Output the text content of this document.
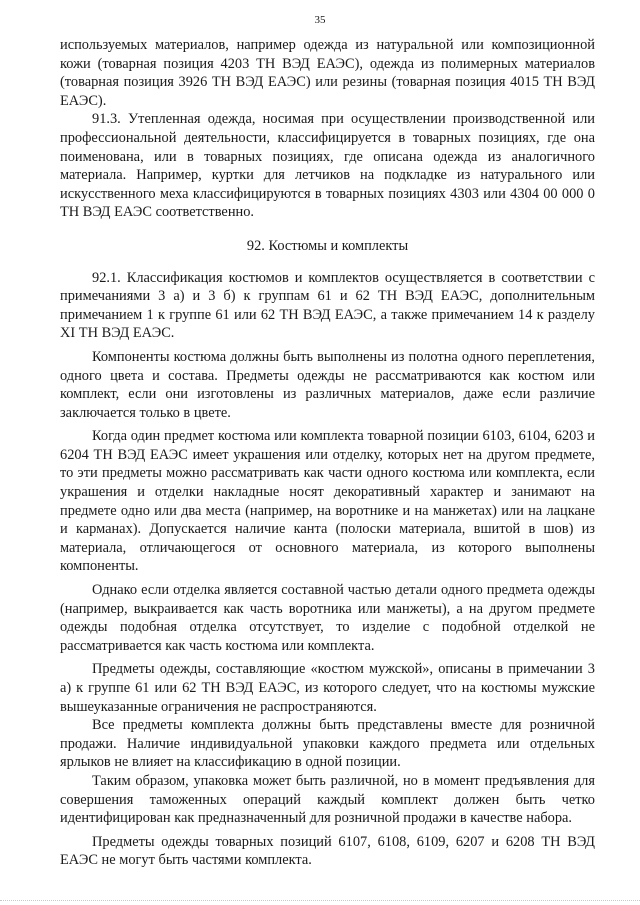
35

используемых материалов, например одежда из натуральной или композиционной кожи (товарная позиция 4203 ТН ВЭД ЕАЭС), одежда из полимерных материалов (товарная позиция 3926 ТН ВЭД ЕАЭС) или резины (товарная позиция 4015 ТН ВЭД ЕАЭС).

91.3. Утепленная одежда, носимая при осуществлении производственной или профессиональной деятельности, классифицируется в товарных позициях, где она поименована, или в товарных позициях, где описана одежда из аналогичного материала. Например, куртки для летчиков на подкладке из натурального или искусственного меха классифицируются в товарных позициях 4303 или 4304 00 000 0 ТН ВЭД ЕАЭС соответственно.

92. Костюмы и комплекты

92.1. Классификация костюмов и комплектов осуществляется в соответствии с примечаниями 3 а) и 3 б) к группам 61 и 62 ТН ВЭД ЕАЭС, дополнительным примечанием 1 к группе 61 или 62 ТН ВЭД ЕАЭС, а также примечанием 14 к разделу XI ТН ВЭД ЕАЭС.

Компоненты костюма должны быть выполнены из полотна одного переплетения, одного цвета и состава. Предметы одежды не рассматриваются как костюм или комплект, если они изготовлены из различных материалов, даже если различие заключается только в цвете.

Когда один предмет костюма или комплекта товарной позиции 6103, 6104, 6203 и 6204 ТН ВЭД ЕАЭС имеет украшения или отделку, которых нет на другом предмете, то эти предметы можно рассматривать как части одного костюма или комплекта, если украшения и отделки накладные носят декоративный характер и занимают на предмете одно или два места (например, на воротнике и на манжетах) или на лацкане и карманах). Допускается наличие канта (полоски материала, вшитой в шов) из материала, отличающегося от основного материала, из которого выполнены компоненты.

Однако если отделка является составной частью детали одного предмета одежды (например, выкраивается как часть воротника или манжеты), а на другом предмете одежды подобная отделка отсутствует, то изделие с подобной отделкой не рассматривается как часть костюма или комплекта.

Предметы одежды, составляющие «костюм мужской», описаны в примечании 3 а) к группе 61 или 62 ТН ВЭД ЕАЭС, из которого следует, что на костюмы мужские вышеуказанные ограничения не распространяются.

Все предметы комплекта должны быть представлены вместе для розничной продажи. Наличие индивидуальной упаковки каждого предмета или отдельных ярлыков не влияет на классификацию в одной позиции.

Таким образом, упаковка может быть различной, но в момент предъявления для совершения таможенных операций каждый комплект должен быть четко идентифицирован как предназначенный для розничной продажи в качестве набора.

Предметы одежды товарных позиций 6107, 6108, 6109, 6207 и 6208 ТН ВЭД ЕАЭС не могут быть частями комплекта.
